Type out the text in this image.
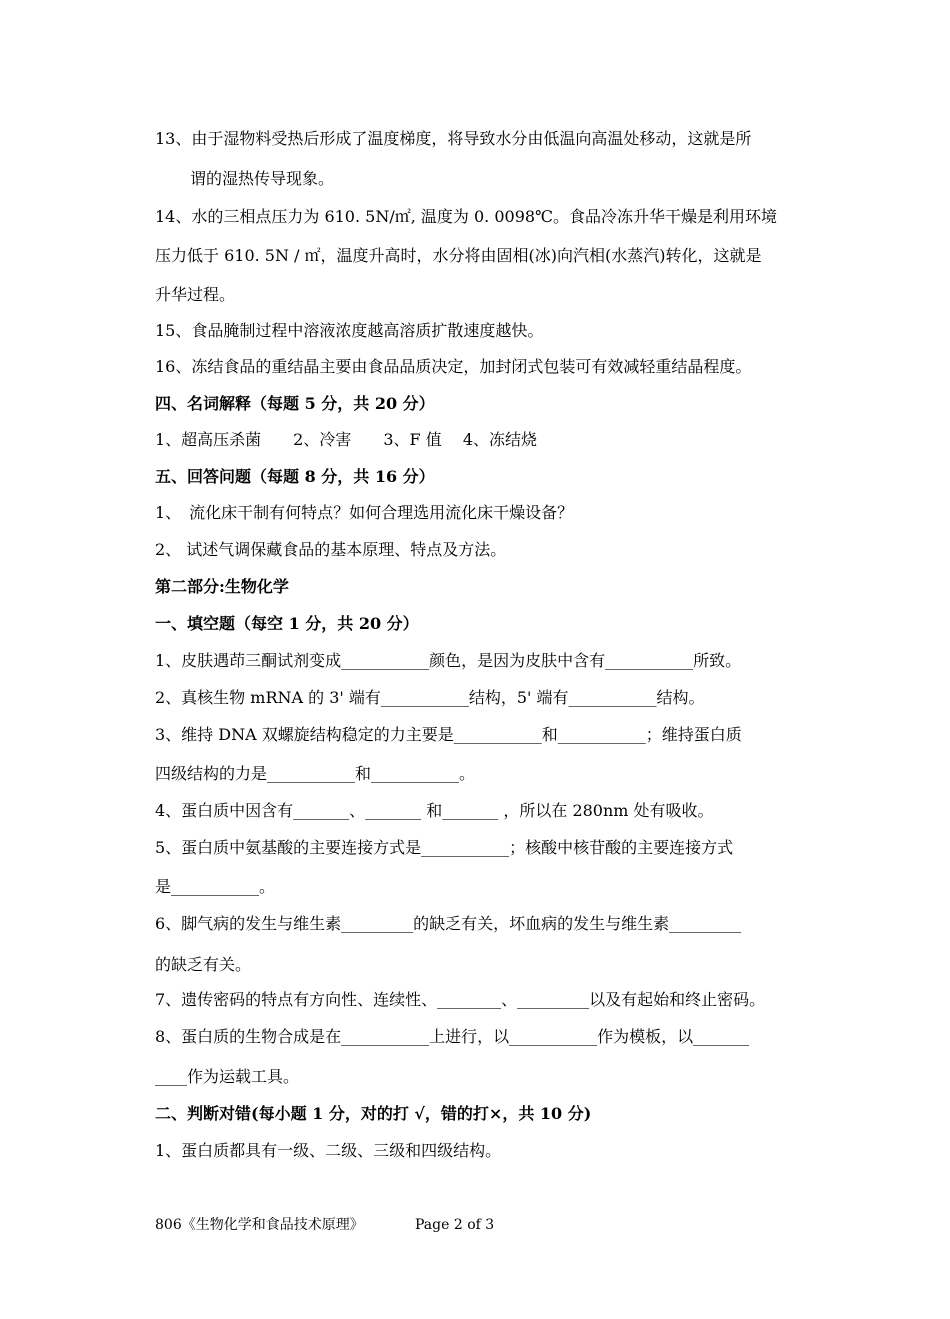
13、由于湿物料受热后形成了温度梯度，将导致水分由低温向高温处移动，这就是所
谓的湿热传导现象。
14、水的三相点压力为 610. 5N/㎡, 温度为 0. 0098℃。食品冷冻升华干燥是利用环境
压力低于 610. 5N / ㎡，温度升高时，水分将由固相(冰)向汽相(水蒸汽)转化，这就是
升华过程。
15、食品腌制过程中溶液浓度越高溶质扩散速度越快。
16、冻结食品的重结晶主要由食品品质决定，加封闭式包装可有效减轻重结晶程度。
四、名词解释（每题 5 分，共 20 分）
1、超高压杀菌　　2、冷害　　3、F 值　 4、冻结烧
五、回答问题（每题 8 分，共 16 分）
1、　流化床干制有何特点？如何合理选用流化床干燥设备？
2、 试述气调保藏食品的基本原理、特点及方法。
第二部分:生物化学
一、填空题（每空 1 分，共 20 分）
1、皮肤遇茚三酮试剂变成___________颜色，是因为皮肤中含有___________所致。
2、真核生物 mRNA 的 3' 端有___________结构，5' 端有___________结构。
3、维持 DNA 双螺旋结构稳定的力主要是___________和___________；维持蛋白质
四级结构的力是___________和___________。
4、蛋白质中因含有_______、_______ 和_______ ，所以在 280nm 处有吸收。
5、蛋白质中氨基酸的主要连接方式是___________；核酸中核苷酸的主要连接方式
是___________。
6、脚气病的发生与维生素_________的缺乏有关，坏血病的发生与维生素_________
的缺乏有关。
7、遗传密码的特点有方向性、连续性、________、_________以及有起始和终止密码。
8、蛋白质的生物合成是在___________上进行，以___________作为模板，以_______
____作为运载工具。
二、判断对错(每小题 1 分，对的打 √，错的打×，共 10 分)
1、蛋白质都具有一级、二级、三级和四级结构。
806《生物化学和食品技术原理》	Page 2 of 3
